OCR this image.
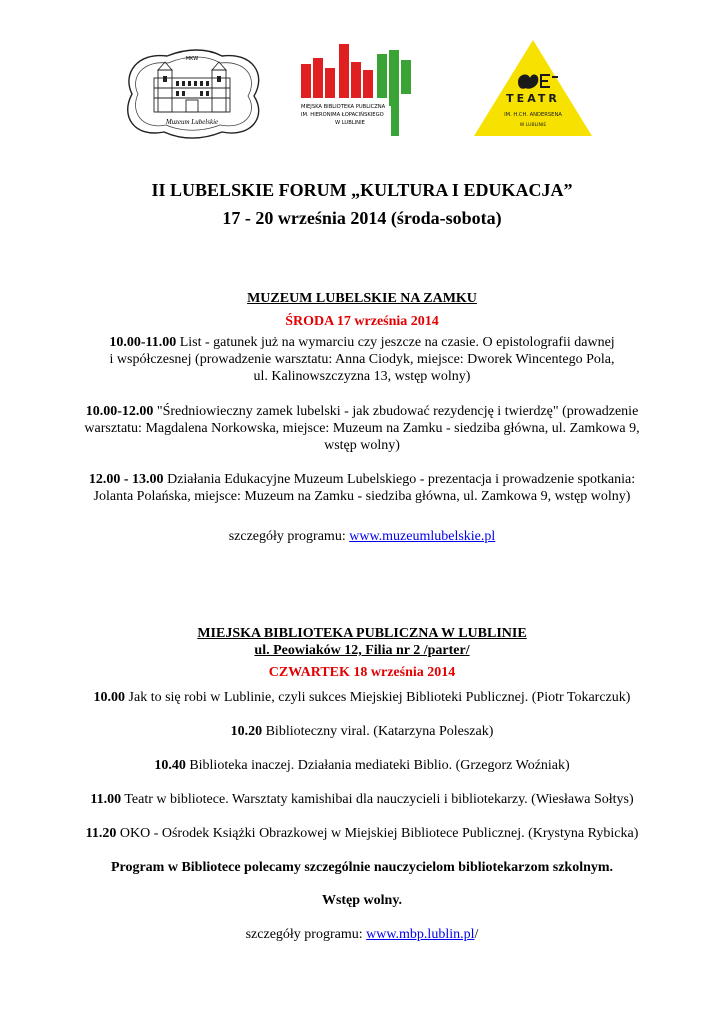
MKW
Muzeum Lubelskie
MIEJSKA BIBLIOTEKA PUBLICZNA
IM. HIERONIMA ŁOPACIŃSKIEGO
W LUBLINIE
TEATR
IM. H.CH. ANDERSENA
W LUBLINIE
II LUBELSKIE FORUM „KULTURA I EDUKACJA”
17 - 20 września 2014 (środa-sobota)
MUZEUM LUBELSKIE NA ZAMKU
ŚRODA 17 września 2014
10.00-11.00 List - gatunek już na wymarciu czy jeszcze na czasie. O epistolografii dawnej
i współczesnej (prowadzenie warsztatu: Anna Ciodyk, miejsce: Dworek Wincentego Pola,
ul. Kalinowszczyzna 13, wstęp wolny)
10.00-12.00 "Średniowieczny zamek lubelski - jak zbudować rezydencję i twierdzę" (prowadzenie
warsztatu: Magdalena Norkowska, miejsce: Muzeum na Zamku - siedziba główna, ul. Zamkowa 9,
wstęp wolny)
12.00 - 13.00 Działania Edukacyjne Muzeum Lubelskiego - prezentacja i prowadzenie spotkania:
Jolanta Polańska, miejsce: Muzeum na Zamku - siedziba główna, ul. Zamkowa 9, wstęp wolny)
szczegóły programu: www.muzeumlubelskie.pl
MIEJSKA BIBLIOTEKA PUBLICZNA W LUBLINIE
ul. Peowiaków 12, Filia nr 2 /parter/
CZWARTEK 18 września 2014
10.00 Jak to się robi w Lublinie, czyli sukces Miejskiej Biblioteki Publicznej. (Piotr Tokarczuk)
10.20 Biblioteczny viral. (Katarzyna Poleszak)
10.40 Biblioteka inaczej. Działania mediateki Biblio. (Grzegorz Woźniak)
11.00 Teatr w bibliotece. Warsztaty kamishibai dla nauczycieli i bibliotekarzy. (Wiesława Sołtys)
11.20 OKO - Ośrodek Książki Obrazkowej w Miejskiej Bibliotece Publicznej. (Krystyna Rybicka)
Program w Bibliotece polecamy szczególnie nauczycielom bibliotekarzom szkolnym.
Wstęp wolny.
szczegóły programu: www.mbp.lublin.pl/
